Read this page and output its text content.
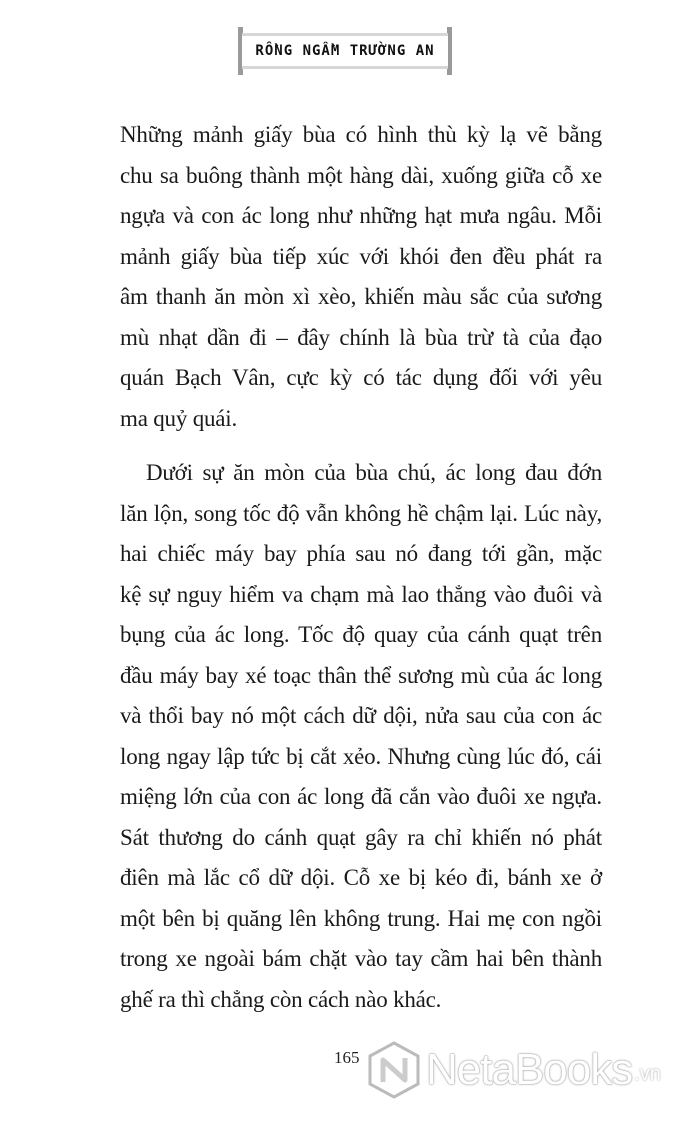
RỒNG NGẦM TRƯỜNG AN
Những mảnh giấy bùa có hình thù kỳ lạ vẽ bằng
chu sa buông thành một hàng dài, xuống giữa cỗ xe
ngựa và con ác long như những hạt mưa ngâu. Mỗi
mảnh giấy bùa tiếp xúc với khói đen đều phát ra
âm thanh ăn mòn xì xèo, khiến màu sắc của sương
mù nhạt dần đi – đây chính là bùa trừ tà của đạo
quán Bạch Vân, cực kỳ có tác dụng đối với yêu
ma quỷ quái.
Dưới sự ăn mòn của bùa chú, ác long đau đớn
lăn lộn, song tốc độ vẫn không hề chậm lại. Lúc này,
hai chiếc máy bay phía sau nó đang tới gần, mặc
kệ sự nguy hiểm va chạm mà lao thẳng vào đuôi và
bụng của ác long. Tốc độ quay của cánh quạt trên
đầu máy bay xé toạc thân thể sương mù của ác long
và thổi bay nó một cách dữ dội, nửa sau của con ác
long ngay lập tức bị cắt xẻo. Nhưng cùng lúc đó, cái
miệng lớn của con ác long đã cắn vào đuôi xe ngựa.
Sát thương do cánh quạt gây ra chỉ khiến nó phát
điên mà lắc cổ dữ dội. Cỗ xe bị kéo đi, bánh xe ở
một bên bị quăng lên không trung. Hai mẹ con ngồi
trong xe ngoài bám chặt vào tay cầm hai bên thành
ghế ra thì chẳng còn cách nào khác.
165 NetaBooks .vn
